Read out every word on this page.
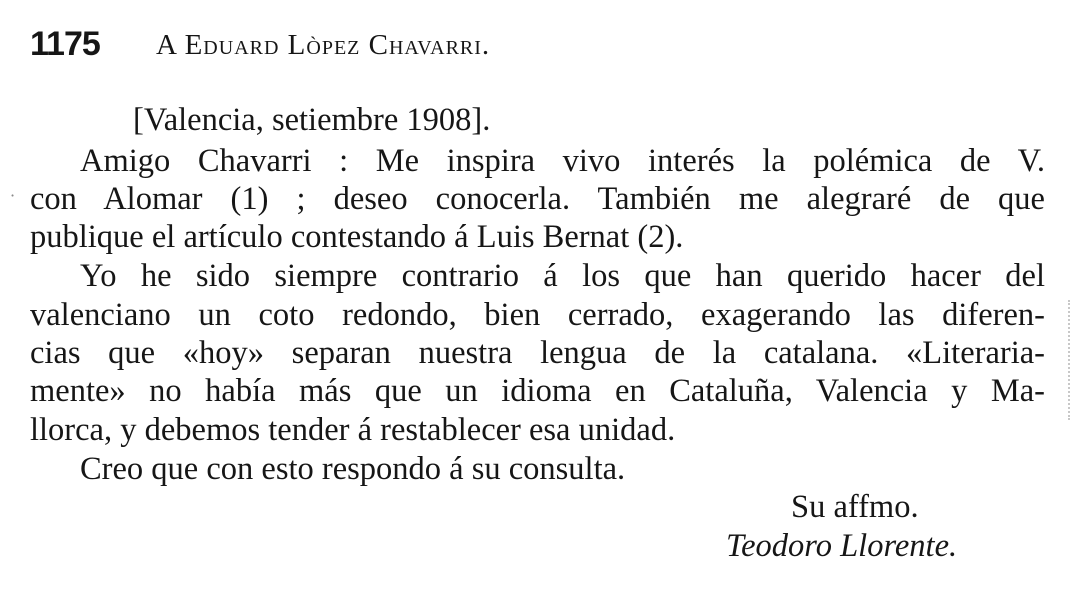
1175 A Eduard Lòpez Chavarri.
[Valencia, setiembre 1908].
Amigo Chavarri : Me inspira vivo interés la polémica de V.
con Alomar (1) ; deseo conocerla. También me alegraré de que
publique el artículo contestando á Luis Bernat (2).
Yo he sido siempre contrario á los que han querido hacer del
valenciano un coto redondo, bien cerrado, exagerando las diferen-
cias que «hoy» separan nuestra lengua de la catalana. «Literaria-
mente» no había más que un idioma en Cataluña, Valencia y Ma-
llorca, y debemos tender á restablecer esa unidad.
Creo que con esto respondo á su consulta.
Su affmo.
Teodoro Llorente.
·
